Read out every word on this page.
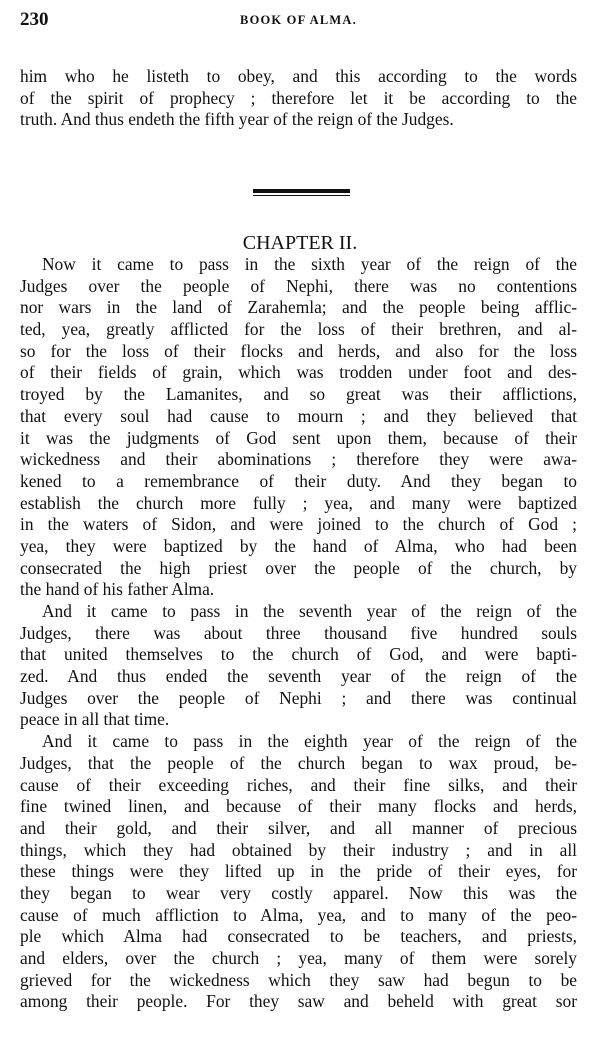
230	BOOK OF ALMA.
him who he listeth to obey, and this according to the words
of the spirit of prophecy ; therefore let it be according to the
truth. And thus endeth the fifth year of the reign of the Judges.
CHAPTER II.
Now it came to pass in the sixth year of the reign of the
Judges over the people of Nephi, there was no contentions
nor wars in the land of Zarahemla; and the people being afflic-
ted, yea, greatly afflicted for the loss of their brethren, and al-
so for the loss of their flocks and herds, and also for the loss
of their fields of grain, which was trodden under foot and des-
troyed by the Lamanites, and so great was their afflictions,
that every soul had cause to mourn ; and they believed that
it was the judgments of God sent upon them, because of their
wickedness and their abominations ; therefore they were awa-
kened to a remembrance of their duty. And they began to
establish the church more fully ; yea, and many were baptized
in the waters of Sidon, and were joined to the church of God ;
yea, they were baptized by the hand of Alma, who had been
consecrated the high priest over the people of the church, by
the hand of his father Alma.
And it came to pass in the seventh year of the reign of the
Judges, there was about three thousand five hundred souls
that united themselves to the church of God, and were bapti-
zed. And thus ended the seventh year of the reign of the
Judges over the people of Nephi ; and there was continual
peace in all that time.
And it came to pass in the eighth year of the reign of the
Judges, that the people of the church began to wax proud, be-
cause of their exceeding riches, and their fine silks, and their
fine twined linen, and because of their many flocks and herds,
and their gold, and their silver, and all manner of precious
things, which they had obtained by their industry ; and in all
these things were they lifted up in the pride of their eyes, for
they began to wear very costly apparel. Now this was the
cause of much affliction to Alma, yea, and to many of the peo-
ple which Alma had consecrated to be teachers, and priests,
and elders, over the church ; yea, many of them were sorely
grieved for the wickedness which they saw had begun to be
among their people. For they saw and beheld with great sor
